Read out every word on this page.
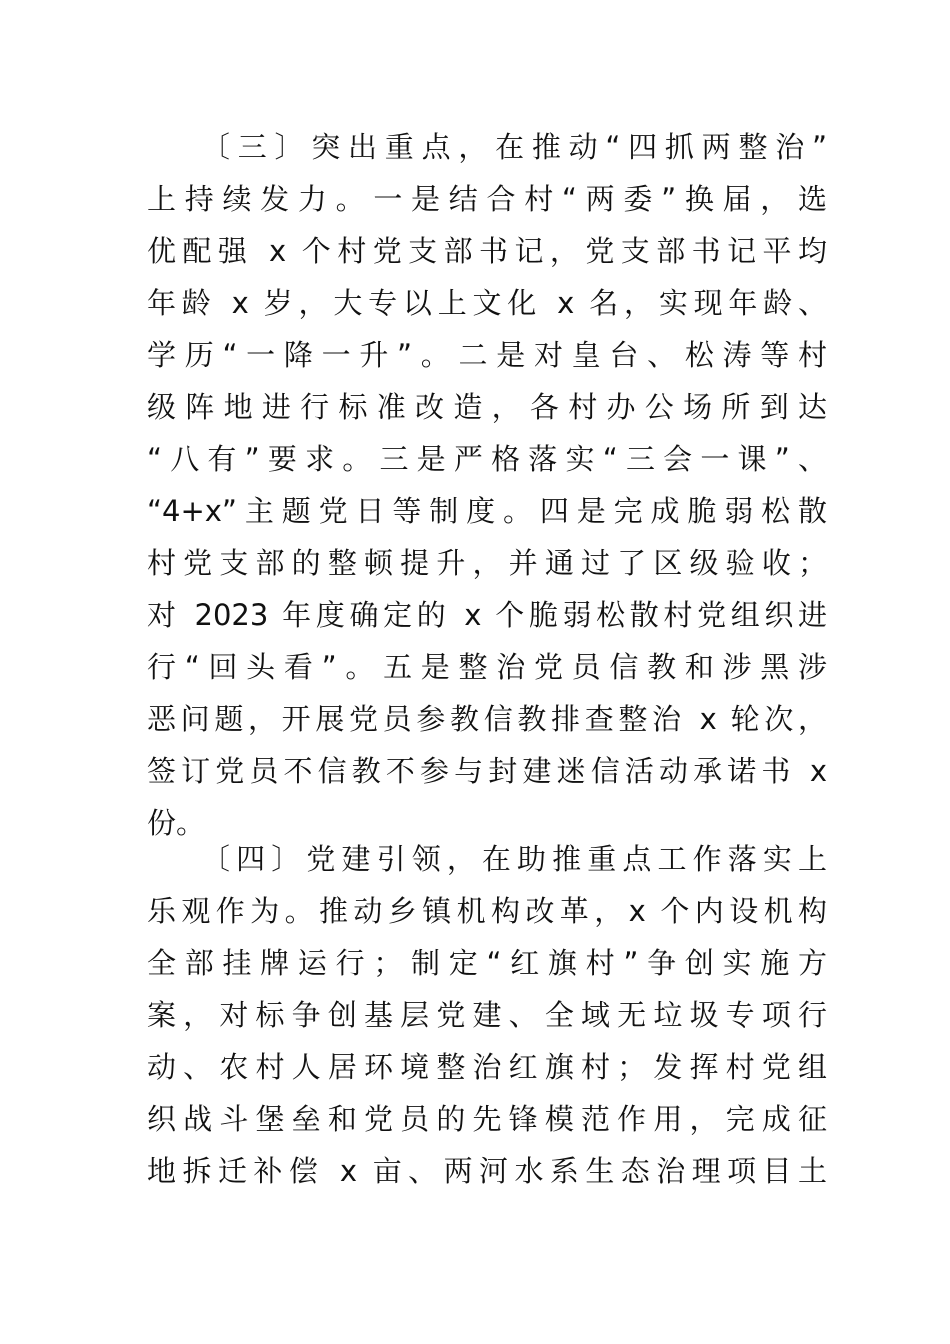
〔三〕突出重点，在推动“四抓两整治”
上持续发力。一是结合村“两委”换届，选
优配强 x 个村党支部书记，党支部书记平均
年龄 x 岁，大专以上文化 x 名，实现年龄、
学历“一降一升”。二是对皇台、松涛等村
级阵地进行标准改造，各村办公场所到达
“八有”要求。三是严格落实“三会一课”、
“4+x”主题党日等制度。四是完成脆弱松散
村党支部的整顿提升，并通过了区级验收；
对 2023 年度确定的 x 个脆弱松散村党组织进
行“回头看”。五是整治党员信教和涉黑涉
恶问题，开展党员参教信教排查整治 x 轮次，
签订党员不信教不参与封建迷信活动承诺书 x
份。
〔四〕党建引领，在助推重点工作落实上
乐观作为。推动乡镇机构改革，x 个内设机构
全部挂牌运行；制定“红旗村”争创实施方
案，对标争创基层党建、全域无垃圾专项行
动、农村人居环境整治红旗村；发挥村党组
织战斗堡垒和党员的先锋模范作用，完成征
地拆迁补偿 x 亩、两河水系生态治理项目土
